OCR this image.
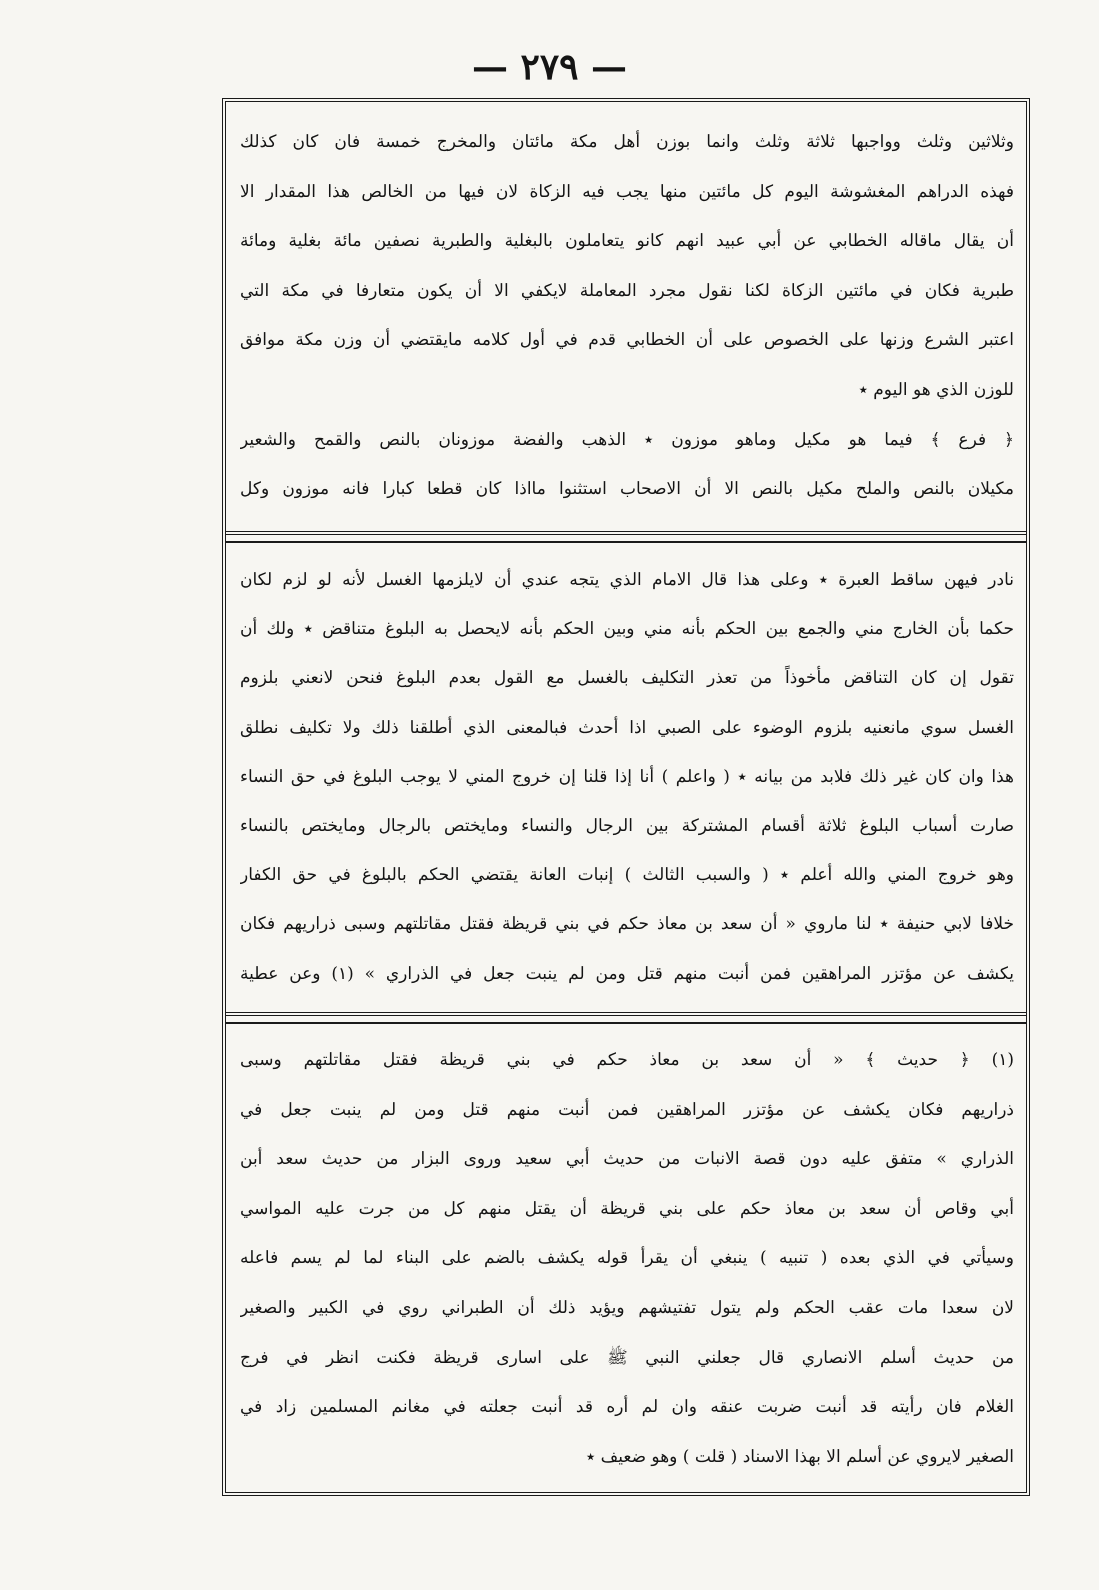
— ٢٧٩ —
وثلاثين وثلث وواجبها ثلاثة وثلث وانما بوزن أهل مكة مائتان والمخرج خمسة فان كان كذلك
فهذه الدراهم المغشوشة اليوم كل مائتين منها يجب فيه الزكاة لان فيها من الخالص هذا المقدار الا
أن يقال ماقاله الخطابي عن أبي عبيد انهم كانو يتعاملون بالبغلية والطبرية نصفين مائة بغلية ومائة
طبرية فكان في مائتين الزكاة لكنا نقول مجرد المعاملة لايكفي الا أن يكون متعارفا في مكة التي
اعتبر الشرع وزنها على الخصوص على أن الخطابي قدم في أول كلامه مايقتضي أن وزن مكة موافق
للوزن الذي هو اليوم ٭
﴿ فرع ﴾ فيما هو مكيل وماهو موزون ٭ الذهب والفضة موزونان بالنص والقمح والشعير
مكيلان بالنص والملح مكيل بالنص الا أن الاصحاب استثنوا مااذا كان قطعا كبارا فانه موزون وكل
نادر فيهن ساقط العبرة ٭ وعلى هذا قال الامام الذي يتجه عندي أن لايلزمها الغسل لأنه لو لزم لكان
حكما بأن الخارج مني والجمع بين الحكم بأنه مني وبين الحكم بأنه لايحصل به البلوغ متناقض ٭ ولك أن
تقول إن كان التناقض مأخوذاً من تعذر التكليف بالغسل مع القول بعدم البلوغ فنحن لانعني بلزوم
الغسل سوي مانعنيه بلزوم الوضوء على الصبي اذا أحدث فبالمعنى الذي أطلقنا ذلك ولا تكليف نطلق
هذا وان كان غير ذلك فلابد من بيانه ٭ ( واعلم ) أنا إذا قلنا إن خروج المني لا يوجب البلوغ في حق النساء
صارت أسباب البلوغ ثلاثة أقسام المشتركة بين الرجال والنساء ومايختص بالرجال ومايختص بالنساء
وهو خروج المني والله أعلم ٭ ( والسبب الثالث ) إنبات العانة يقتضي الحكم بالبلوغ في حق الكفار
خلافا لابي حنيفة ٭ لنا ماروي « أن سعد بن معاذ حكم في بني قريظة فقتل مقاتلتهم وسبى ذراريهم فكان
يكشف عن مؤتزر المراهقين فمن أنبت منهم قتل ومن لم ينبت جعل في الذراري » (١) وعن عطية
(١) ﴿ حديث ﴾ « أن سعد بن معاذ حكم في بني قريظة فقتل مقاتلتهم وسبى
ذراريهم فكان يكشف عن مؤتزر المراهقين فمن أنبت منهم قتل ومن لم ينبت جعل في
الذراري » متفق عليه دون قصة الانبات من حديث أبي سعيد وروى البزار من حديث سعد أبن
أبي وقاص أن سعد بن معاذ حكم على بني قريظة أن يقتل منهم كل من جرت عليه المواسي
وسيأتي في الذي بعده ( تنبيه ) ينبغي أن يقرأ قوله يكشف بالضم على البناء لما لم يسم فاعله
لان سعدا مات عقب الحكم ولم يتول تفتيشهم ويؤيد ذلك أن الطبراني روي في الكبير والصغير
من حديث أسلم الانصاري قال جعلني النبي ﷺ على اسارى قريظة فكنت انظر في فرج
الغلام فان رأيته قد أنبت ضربت عنقه وان لم أره قد أنبت جعلته في مغانم المسلمين زاد في
الصغير لايروي عن أسلم الا بهذا الاسناد ( قلت ) وهو ضعيف ٭
